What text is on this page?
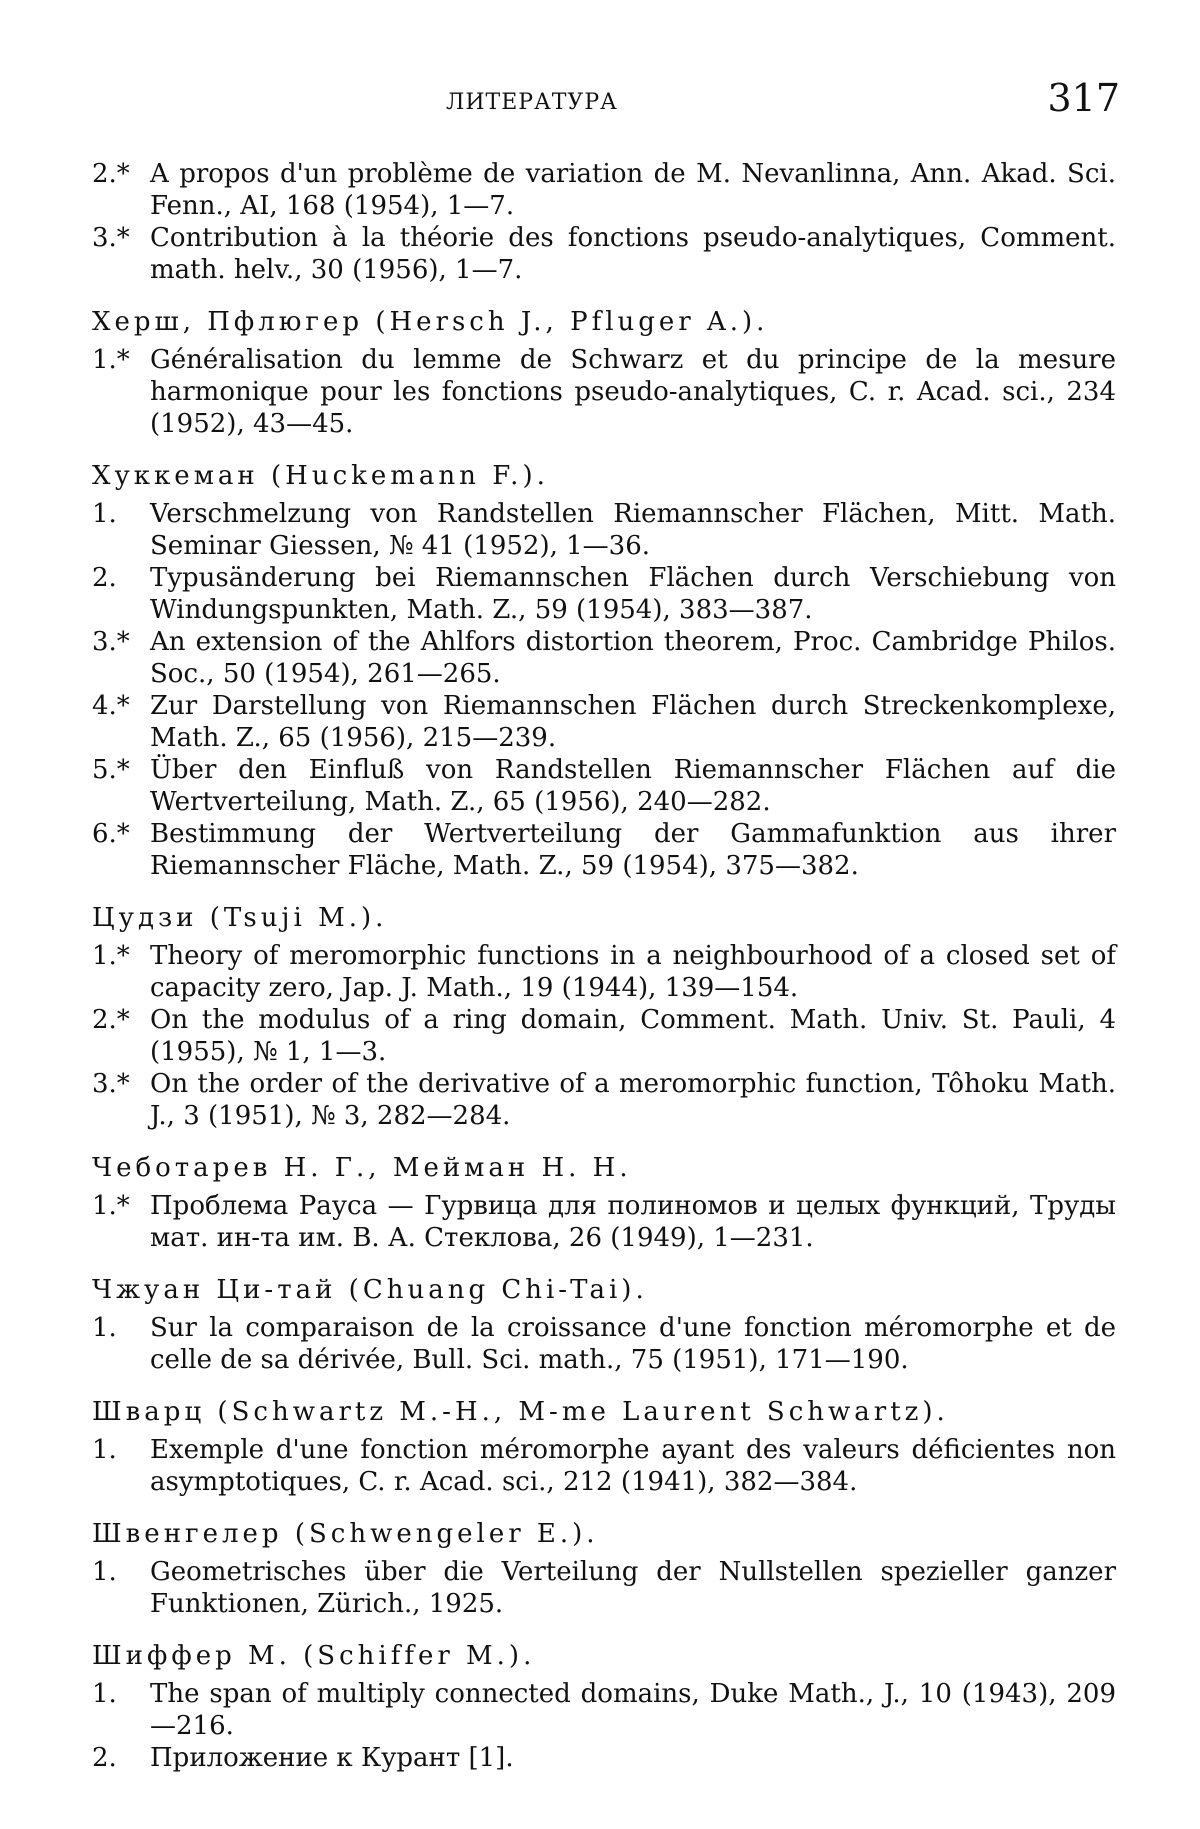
ЛИТЕРАТУРА	317
2.* A propos d'un problème de variation de M. Nevanlinna, Ann. Akad. Sci. Fenn., AI, 168 (1954), 1—7.
3.* Contribution à la théorie des fonctions pseudo-analytiques, Comment. math. helv., 30 (1956), 1—7.
Херш, Пфлюгер (Hersch J., Pfluger A.).
1.* Généralisation du lemme de Schwarz et du principe de la mesure harmonique pour les fonctions pseudo-analytiques, C. r. Acad. sci., 234 (1952), 43—45.
Хуккеман (Huckemann F.).
1. Verschmelzung von Randstellen Riemannscher Flächen, Mitt. Math. Seminar Giessen, № 41 (1952), 1—36.
2. Typusänderung bei Riemannschen Flächen durch Verschiebung von Windungspunkten, Math. Z., 59 (1954), 383—387.
3.* An extension of the Ahlfors distortion theorem, Proc. Cambridge Philos. Soc., 50 (1954), 261—265.
4.* Zur Darstellung von Riemannschen Flächen durch Streckenkomplexe, Math. Z., 65 (1956), 215—239.
5.* Über den Einfluß von Randstellen Riemannscher Flächen auf die Wertverteilung, Math. Z., 65 (1956), 240—282.
6.* Bestimmung der Wertverteilung der Gammafunktion aus ihrer Riemannscher Fläche, Math. Z., 59 (1954), 375—382.
Цудзи (Tsuji M.).
1.* Theory of meromorphic functions in a neighbourhood of a closed set of capacity zero, Jap. J. Math., 19 (1944), 139—154.
2.* On the modulus of a ring domain, Comment. Math. Univ. St. Pauli, 4 (1955), № 1, 1—3.
3.* On the order of the derivative of a meromorphic function, Tôhoku Math. J., 3 (1951), № 3, 282—284.
Чеботарев Н. Г., Мейман Н. Н.
1.* Проблема Рауса — Гурвица для полиномов и целых функций, Труды мат. ин-та им. В. А. Стеклова, 26 (1949), 1—231.
Чжуан Ци-тай (Chuang Chi-Tai).
1. Sur la comparaison de la croissance d'une fonction méromorphe et de celle de sa dérivée, Bull. Sci. math., 75 (1951), 171—190.
Шварц (Schwartz M.-H., M-me Laurent Schwartz).
1. Exemple d'une fonction méromorphe ayant des valeurs déficientes non asymptotiques, C. r. Acad. sci., 212 (1941), 382—384.
Швенгелер (Schwengeler E.).
1. Geometrisches über die Verteilung der Nullstellen spezieller ganzer Funktionen, Zürich., 1925.
Шиффер М. (Schiffer M.).
1. The span of multiply connected domains, Duke Math., J., 10 (1943), 209—216.
2. Приложение к Курант [1].
